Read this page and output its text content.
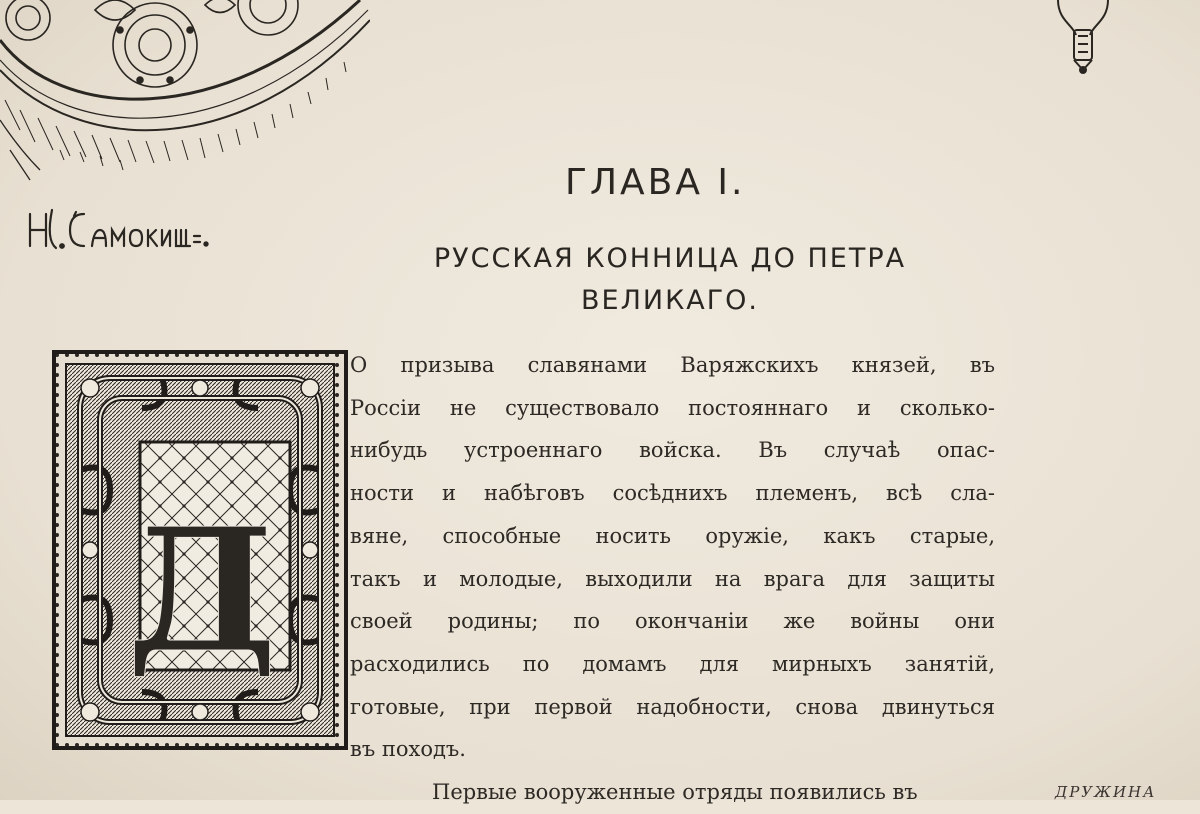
ГЛАВА I.
РУССКАЯ КОННИЦА ДО ПЕТРА
ВЕЛИКАГО.
Д
О призыва славянами Варяжскихъ князей, въ
Россіи не существовало постояннаго и сколько-
нибудь устроеннаго войска. Въ случаѣ опас-
ности и набѣговъ сосѣднихъ племенъ, всѣ сла-
вяне, способные носить оружіе, какъ старые,
такъ и молодые, выходили на врага для защиты
своей родины; по окончаніи же войны они
расходились по домамъ для мирныхъ занятій,
готовые, при первой надобности, снова двинуться
въ походъ.
Первые вооруженные отряды появились въ	ДРУЖИНА
